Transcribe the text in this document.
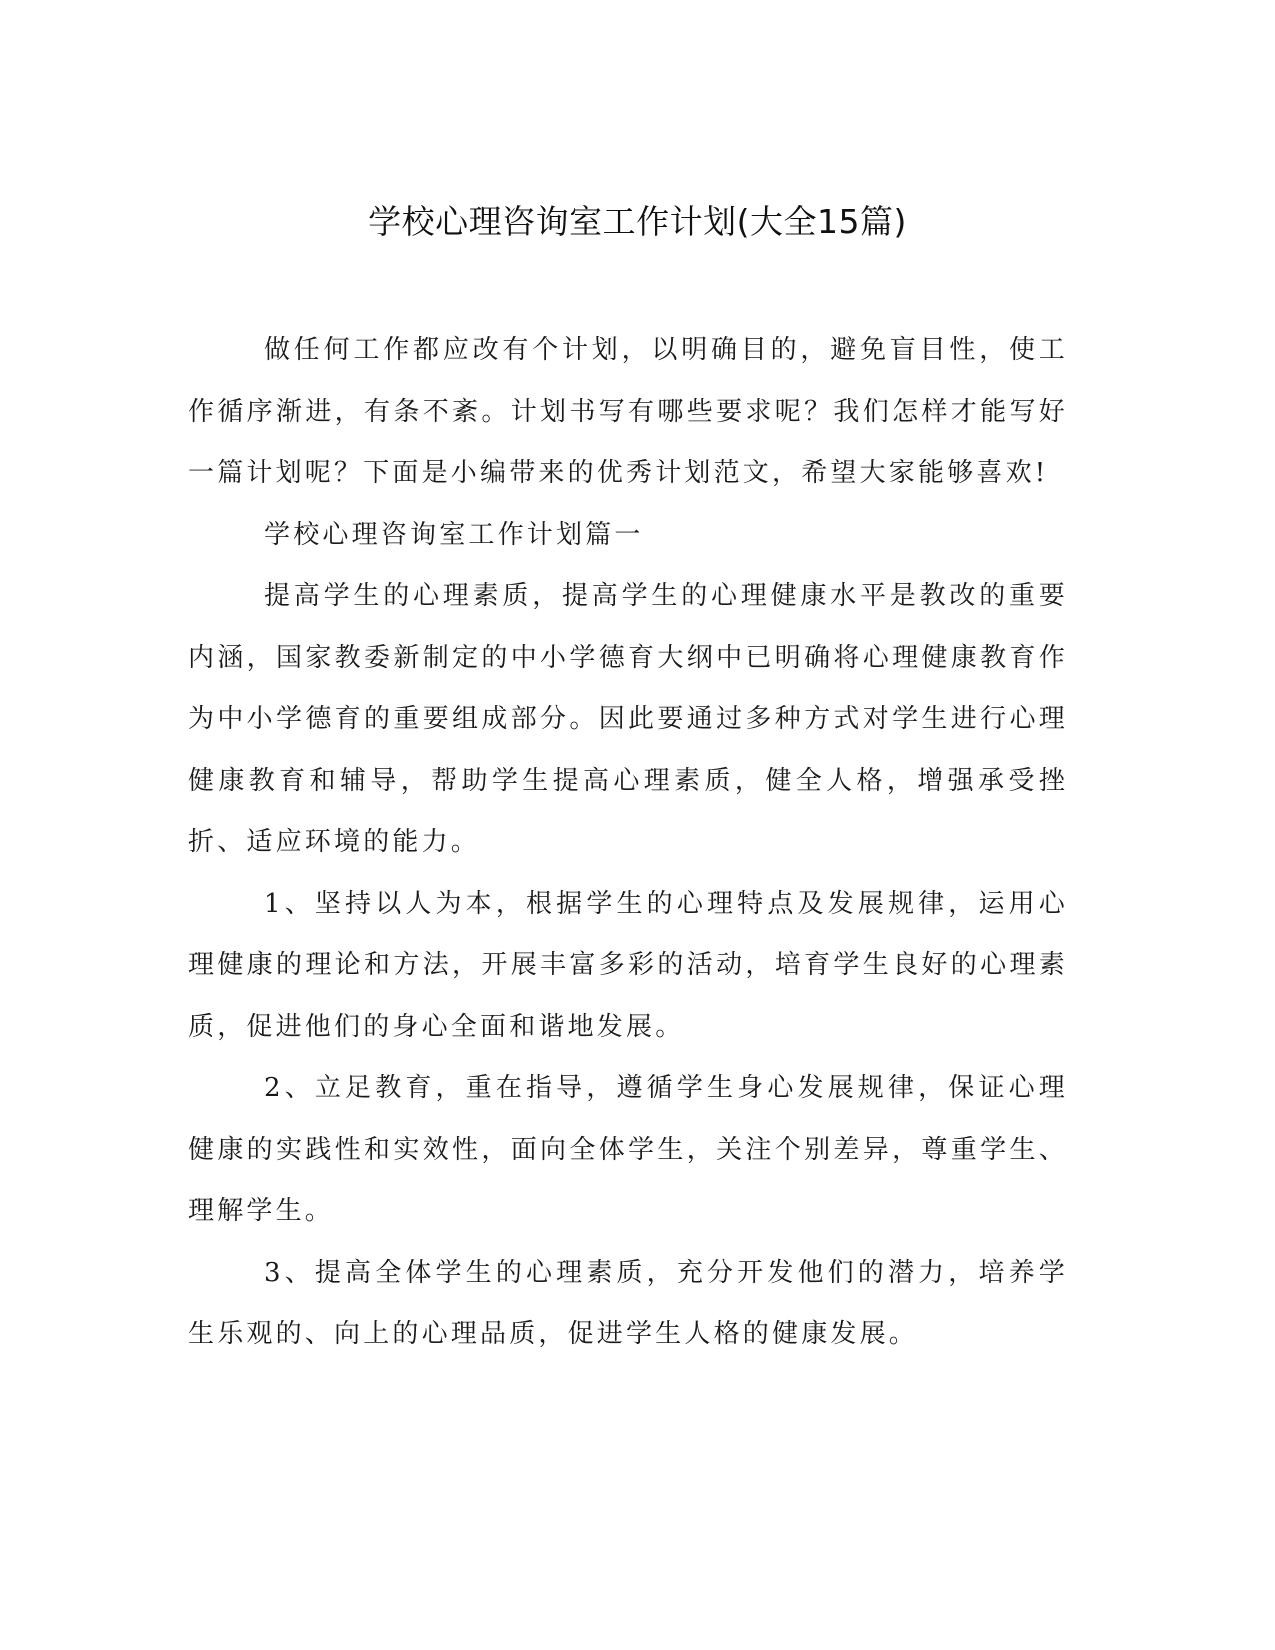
学校心理咨询室工作计划(大全15篇)

做任何工作都应改有个计划，以明确目的，避免盲目性，使工作循序渐进，有条不紊。计划书写有哪些要求呢？我们怎样才能写好一篇计划呢？下面是小编带来的优秀计划范文，希望大家能够喜欢!

学校心理咨询室工作计划篇一

提高学生的心理素质，提高学生的心理健康水平是教改的重要内涵，国家教委新制定的中小学德育大纲中已明确将心理健康教育作为中小学德育的重要组成部分。因此要通过多种方式对学生进行心理健康教育和辅导，帮助学生提高心理素质，健全人格，增强承受挫折、适应环境的能力。

1、坚持以人为本，根据学生的心理特点及发展规律，运用心理健康的理论和方法，开展丰富多彩的活动，培育学生良好的心理素质，促进他们的身心全面和谐地发展。

2、立足教育，重在指导，遵循学生身心发展规律，保证心理健康的实践性和实效性，面向全体学生，关注个别差异，尊重学生、理解学生。

3、提高全体学生的心理素质，充分开发他们的潜力，培养学生乐观的、向上的心理品质，促进学生人格的健康发展。
